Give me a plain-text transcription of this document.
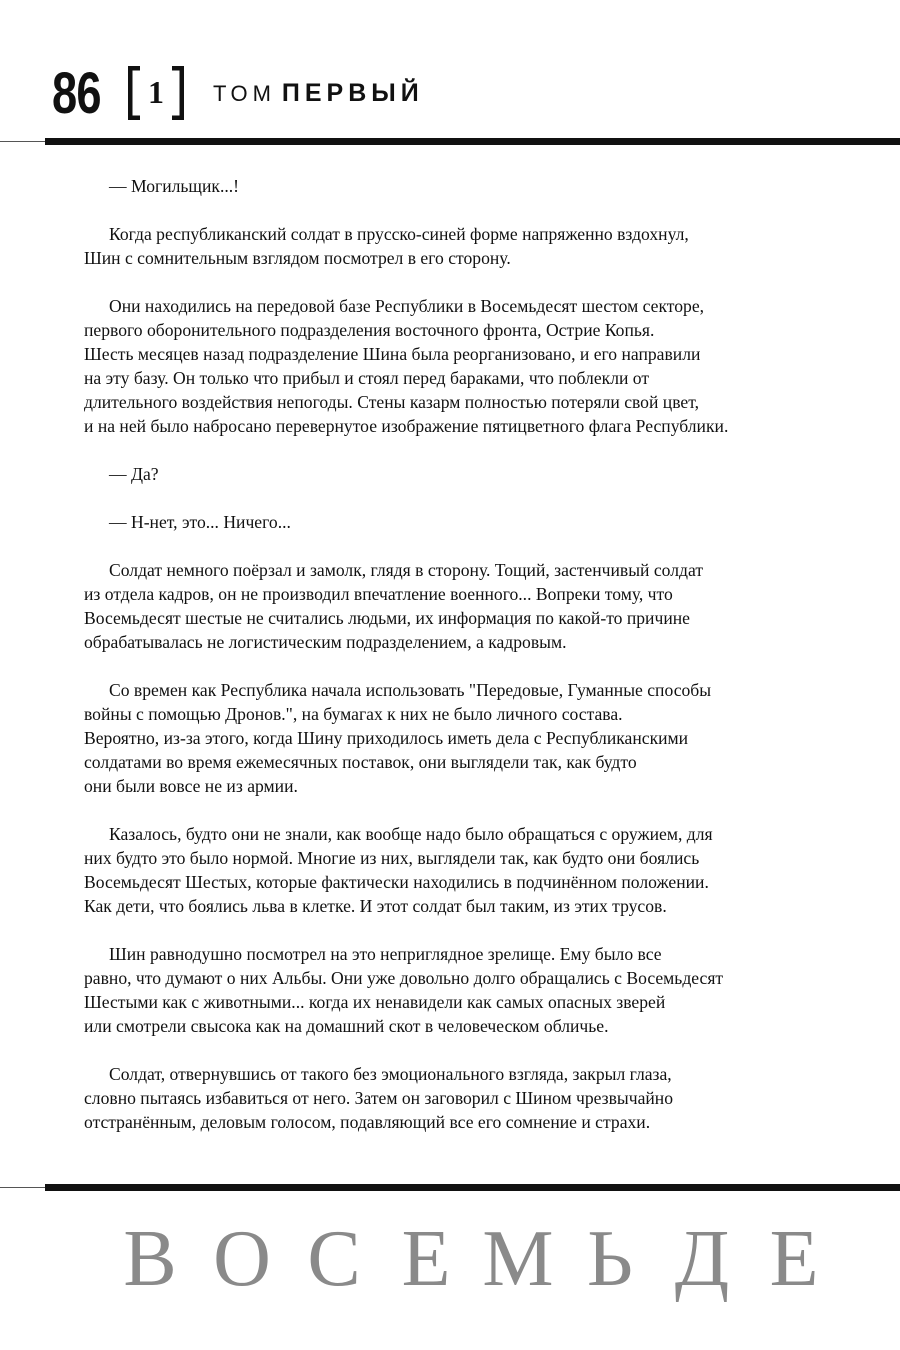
86 1 ТОМ ПЕРВЫЙ

— Могильщик...!

Когда республиканский солдат в прусско-синей форме напряженно вздохнул,
Шин с сомнительным взглядом посмотрел в его сторону.

Они находились на передовой базе Республики в Восемьдесят шестом секторе,
первого оборонительного подразделения восточного фронта, Острие Копья.
Шесть месяцев назад подразделение Шина была реорганизовано, и его направили
на эту базу. Он только что прибыл и стоял перед бараками, что поблекли от
длительного воздействия непогоды. Стены казарм полностью потеряли свой цвет,
и на ней было набросано перевернутое изображение пятицветного флага Республики.

— Да?

— Н-нет, это... Ничего...

Солдат немного поёрзал и замолк, глядя в сторону. Тощий, застенчивый солдат
из отдела кадров, он не производил впечатление военного... Вопреки тому, что
Восемьдесят шестые не считались людьми, их информация по какой-то причине
обрабатывалась не логистическим подразделением, а кадровым.

Со времен как Республика начала использовать "Передовые, Гуманные способы
войны с помощью Дронов.", на бумагах к них не было личного состава.
Вероятно, из-за этого, когда Шину приходилось иметь дела с Республиканскими
солдатами во время ежемесячных поставок, они выглядели так, как будто
они были вовсе не из армии.

Казалось, будто они не знали, как вообще надо было обращаться с оружием, для
них будто это было нормой. Многие из них, выглядели так, как будто они боялись
Восемьдесят Шестых, которые фактически находились в подчинённом положении.
Как дети, что боялись льва в клетке. И этот солдат был таким, из этих трусов.

Шин равнодушно посмотрел на это неприглядное зрелище. Ему было все
равно, что думают о них Альбы. Они уже довольно долго обращались с Восемьдесят
Шестыми как с животными... когда их ненавидели как самых опасных зверей
или смотрели свысока как на домашний скот в человеческом обличье.

Солдат, отвернувшись от такого без эмоционального взгляда, закрыл глаза,
словно пытаясь избавиться от него. Затем он заговорил с Шином чрезвычайно
отстранённым, деловым голосом, подавляющий все его сомнение и страхи.

В О С Е М Ь Д Е
